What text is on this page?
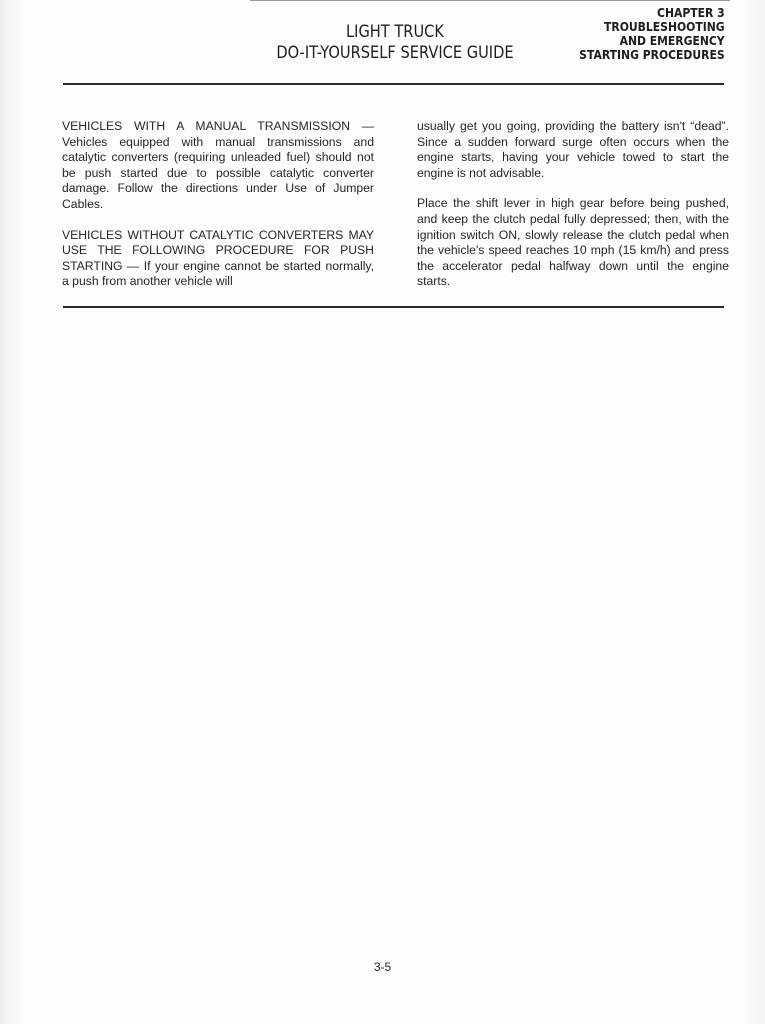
LIGHT TRUCK
DO-IT-YOURSELF SERVICE GUIDE
CHAPTER 3
TROUBLESHOOTING
AND EMERGENCY
STARTING PROCEDURES

VEHICLES WITH A MANUAL TRANSMISSION — Vehicles equipped with manual transmissions and catalytic converters (requiring unleaded fuel) should not be push started due to possible catalytic converter damage. Follow the directions under Use of Jumper Cables.

VEHICLES WITHOUT CATALYTIC CONVERTERS MAY USE THE FOLLOWING PROCEDURE FOR PUSH STARTING — If your engine cannot be started normally, a push from another vehicle will

usually get you going, providing the battery isn't “dead”. Since a sudden forward surge often occurs when the engine starts, having your vehicle towed to start the engine is not advisable.

Place the shift lever in high gear before being pushed, and keep the clutch pedal fully depressed; then, with the ignition switch ON, slowly release the clutch pedal when the vehicle's speed reaches 10 mph (15 km/h) and press the accelerator pedal halfway down until the engine starts.

3-5
